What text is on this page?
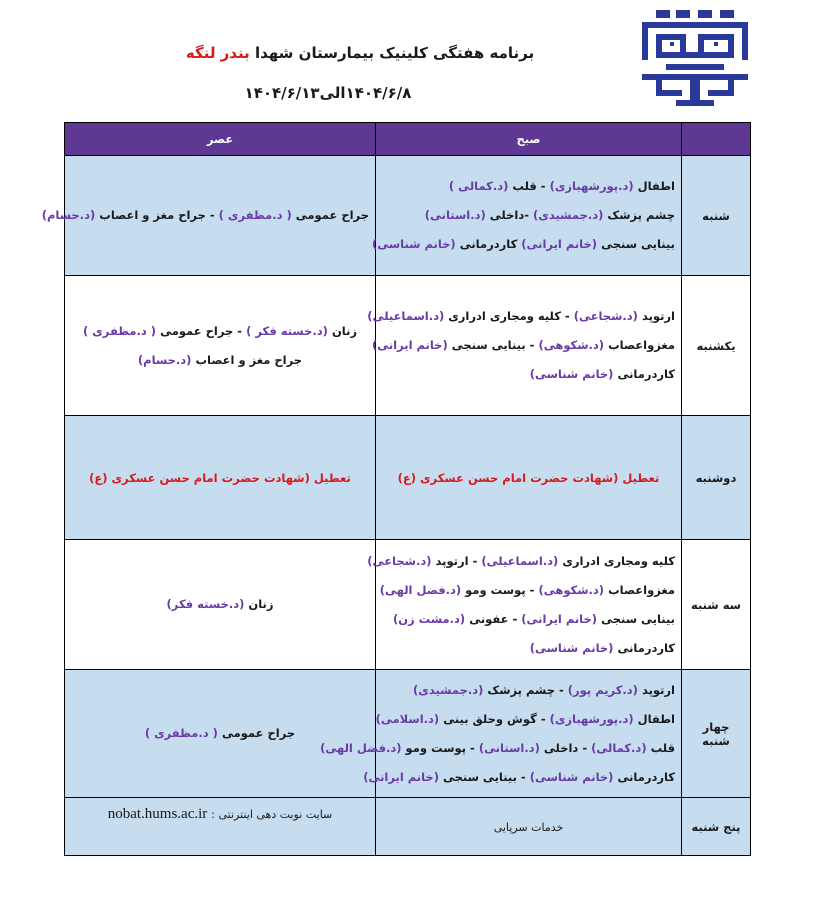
برنامه هفتگی کلینیک بیمارستان شهدا بندر لنگه
۱۴۰۴/۶/۸الی۱۴۰۴/۶/۱۳
	صبح	عصر
شنبه	اطفال (د.پورشهبازی) - قلب (د.کمالی )
چشم پزشک (د.جمشیدی) -داخلی (د.استانی)
بینایی سنجی (خانم ایرانی) کاردرمانی (خانم شناسی)	جراح عمومی ( د.مظفری ) - جراح مغز و اعصاب (د.حسام)

یکشنبه	ارتوپد (د.شجاعی) - کلیه ومجاری ادراری (د.اسماعیلی)
مغزواعصاب (د.شکوهی) - بینایی سنجی (خانم ایرانی)
کاردرمانی (خانم شناسی)	زنان (د.خسته فکر ) - جراح عمومی ( د.مظفری )
جراح مغز و اعصاب (د.حسام)

دوشنبه	تعطیل (شهادت حضرت امام حسن عسکری (ع)	تعطیل (شهادت حضرت امام حسن عسکری (ع)
سه شنبه	کلیه ومجاری ادراری (د.اسماعیلی) - ارتوپد (د.شجاعی)
مغزواعصاب (د.شکوهی) - پوست ومو (د.فضل الهی)
بینایی سنجی (خانم ایرانی) - عفونی (د.مشت زن)
کاردرمانی (خانم شناسی)	زنان (د.خسته فکر)

چهار شنبه	ارتوپد (د.کریم پور) - چشم پزشک (د.جمشیدی)
اطفال (د.پورشهبازی) - گوش وحلق بینی (د.اسلامی)
قلب (د.کمالی) - داخلی (د.استانی) - پوست ومو (د.فضل الهی)
کاردرمانی (خانم شناسی) - بینایی سنجی (خانم ایرانی)	جراح عمومی ( د.مظفری )

پنج شنبه	خدمات سرپایی	سایت نوبت دهی اینترنتی : nobat.hums.ac.ir
